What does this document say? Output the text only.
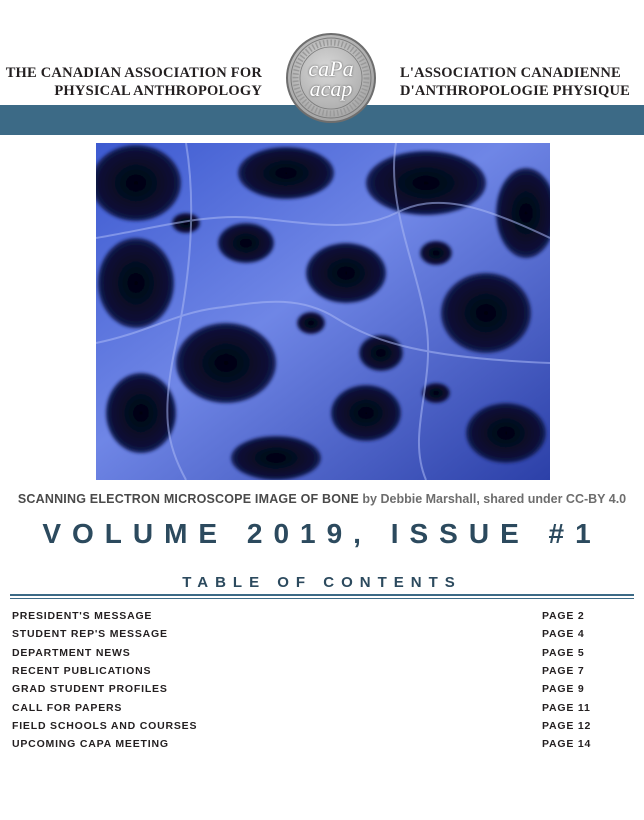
THE CANADIAN ASSOCIATION FOR
PHYSICAL ANTHROPOLOGY
L'ASSOCIATION CANADIENNE
D'ANTHROPOLOGIE PHYSIQUE
caPa
acap
SCANNING ELECTRON MICROSCOPE IMAGE OF BONE by Debbie Marshall, shared under CC-BY 4.0
VOLUME 2019, ISSUE #1
TABLE OF CONTENTS
PRESIDENT'S MESSAGE	PAGE 2
STUDENT REP'S MESSAGE	PAGE 4
DEPARTMENT NEWS	PAGE 5
RECENT PUBLICATIONS	PAGE 7
GRAD STUDENT PROFILES	PAGE 9
CALL FOR PAPERS	PAGE 11
FIELD SCHOOLS AND COURSES	PAGE 12
UPCOMING CAPA MEETING	PAGE 14
